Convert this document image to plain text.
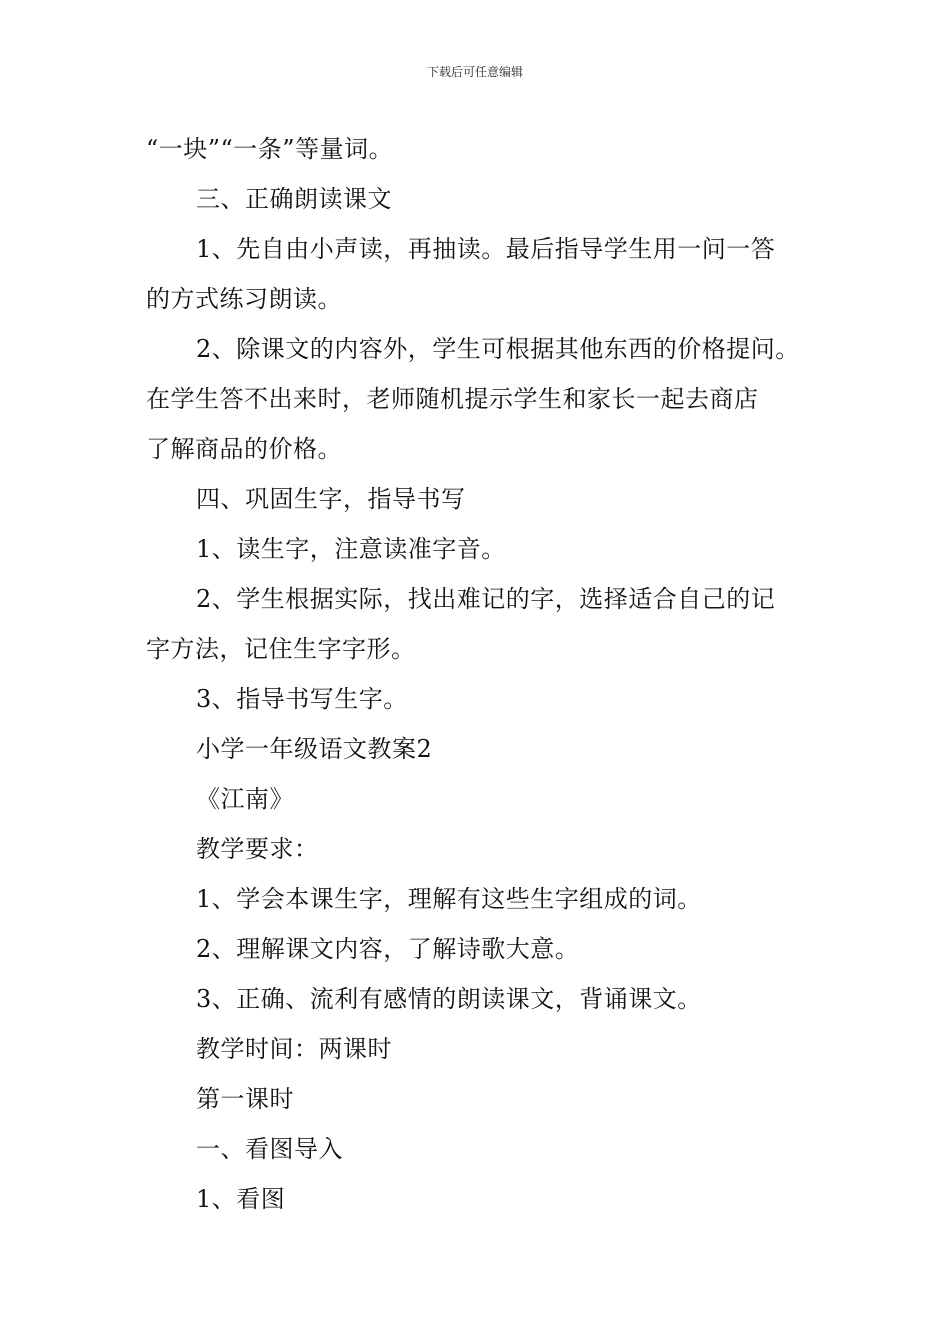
下载后可任意编辑
“一块”“一条”等量词。
三、正确朗读课文
1、先自由小声读，再抽读。最后指导学生用一问一答
的方式练习朗读。
2、除课文的内容外，学生可根据其他东西的价格提问。
在学生答不出来时，老师随机提示学生和家长一起去商店
了解商品的价格。
四、巩固生字，指导书写
1、读生字，注意读准字音。
2、学生根据实际，找出难记的字，选择适合自己的记
字方法，记住生字字形。
3、指导书写生字。
小学一年级语文教案2
《江南》
教学要求：
1、学会本课生字，理解有这些生字组成的词。
2、理解课文内容，了解诗歌大意。
3、正确、流利有感情的朗读课文，背诵课文。
教学时间：两课时
第一课时
一、看图导入
1、看图
